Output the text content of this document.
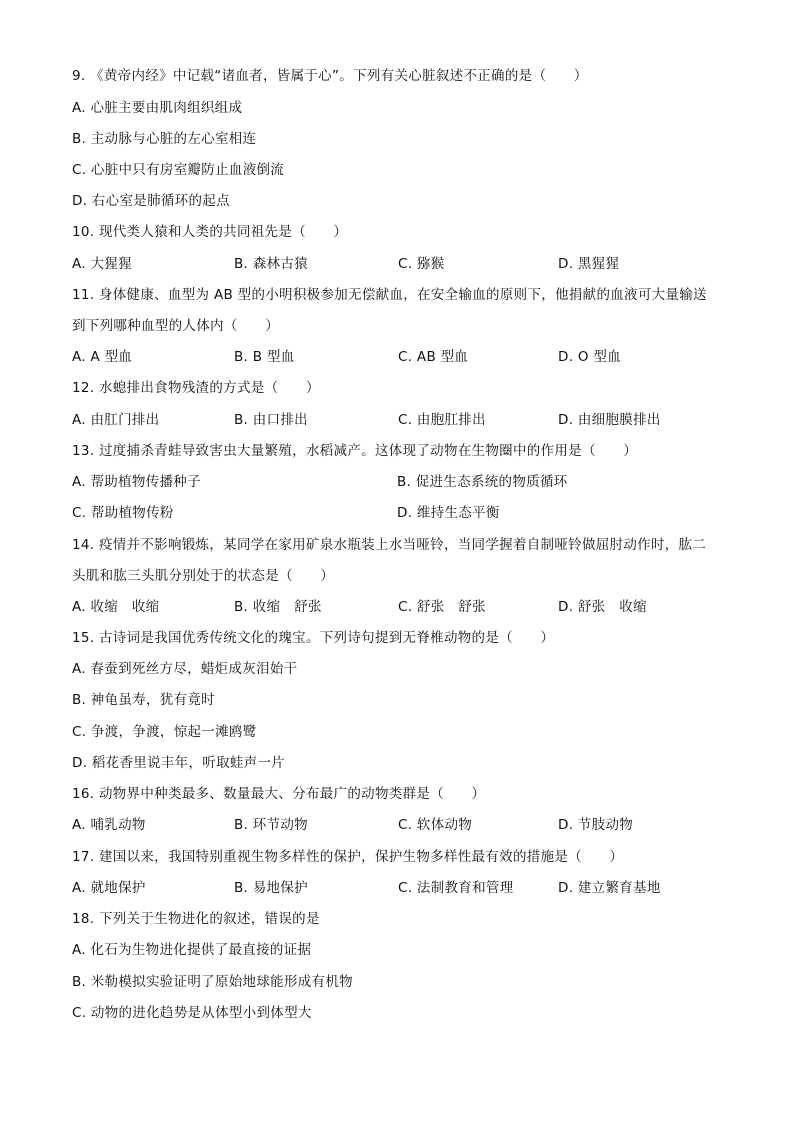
9. 《黄帝内经》中记载“诸血者，皆属于心”。下列有关心脏叙述不正确的是（　　）
A. 心脏主要由肌肉组织组成
B. 主动脉与心脏的左心室相连
C. 心脏中只有房室瓣防止血液倒流
D. 右心室是肺循环的起点
10. 现代类人猿和人类的共同祖先是（　　）
A. 大猩猩	B. 森林古猿	C. 猕猴	D. 黑猩猩
11. 身体健康、血型为 AB 型的小明积极参加无偿献血，在安全输血的原则下，他捐献的血液可大量输送
到下列哪种血型的人体内（　　）
A. A 型血	B. B 型血	C. AB 型血	D. O 型血
12. 水螅排出食物残渣的方式是（　　）
A. 由肛门排出	B. 由口排出	C. 由胞肛排出	D. 由细胞膜排出
13. 过度捕杀青蛙导致害虫大量繁殖，水稻减产。这体现了动物在生物圈中的作用是（　　）
A. 帮助植物传播种子	B. 促进生态系统的物质循环
C. 帮助植物传粉	D. 维持生态平衡
14. 疫情并不影响锻炼，某同学在家用矿泉水瓶装上水当哑铃，当同学握着自制哑铃做屈肘动作时，肱二
头肌和肱三头肌分别处于的状态是（　　）
A. 收缩　收缩	B. 收缩　舒张	C. 舒张　舒张	D. 舒张　收缩
15. 古诗词是我国优秀传统文化的瑰宝。下列诗句提到无脊椎动物的是（　　）
A. 春蚕到死丝方尽，蜡炬成灰泪始干
B. 神龟虽寿，犹有竟时
C. 争渡，争渡，惊起一滩鸥鹭
D. 稻花香里说丰年，听取蛙声一片
16. 动物界中种类最多、数量最大、分布最广的动物类群是（　　）
A. 哺乳动物	B. 环节动物	C. 软体动物	D. 节肢动物
17. 建国以来，我国特别重视生物多样性的保护，保护生物多样性最有效的措施是（　　）
A. 就地保护	B. 易地保护	C. 法制教育和管理	D. 建立繁育基地
18. 下列关于生物进化的叙述，错误的是
A. 化石为生物进化提供了最直接的证据
B. 米勒模拟实验证明了原始地球能形成有机物
C. 动物的进化趋势是从体型小到体型大
